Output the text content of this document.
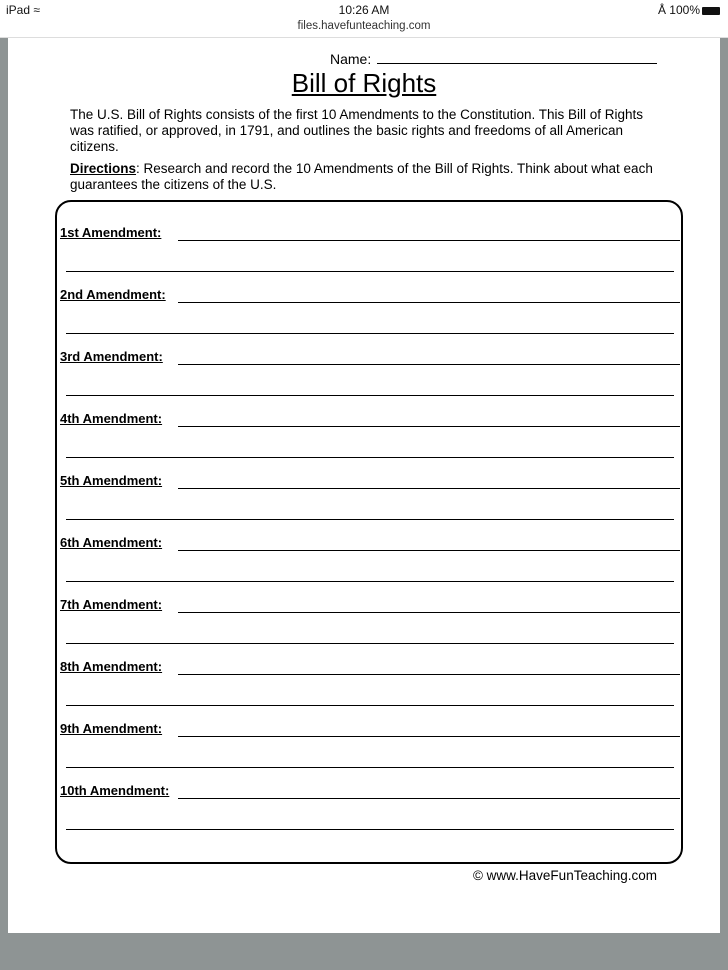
iPad ≈	10:26 AM	Å 100%
files.havefunteaching.com
Name:
Bill of Rights
The U.S. Bill of Rights consists of the first 10 Amendments to the Constitution. This Bill of Rights was ratified, or approved, in 1791, and outlines the basic rights and freedoms of all American citizens.
Directions: Research and record the 10 Amendments of the Bill of Rights. Think about what each guarantees the citizens of the U.S.
1st Amendment:
2nd Amendment:
3rd Amendment:
4th Amendment:
5th Amendment:
6th Amendment:
7th Amendment:
8th Amendment:
9th Amendment:
10th Amendment:
© www.HaveFunTeaching.com
